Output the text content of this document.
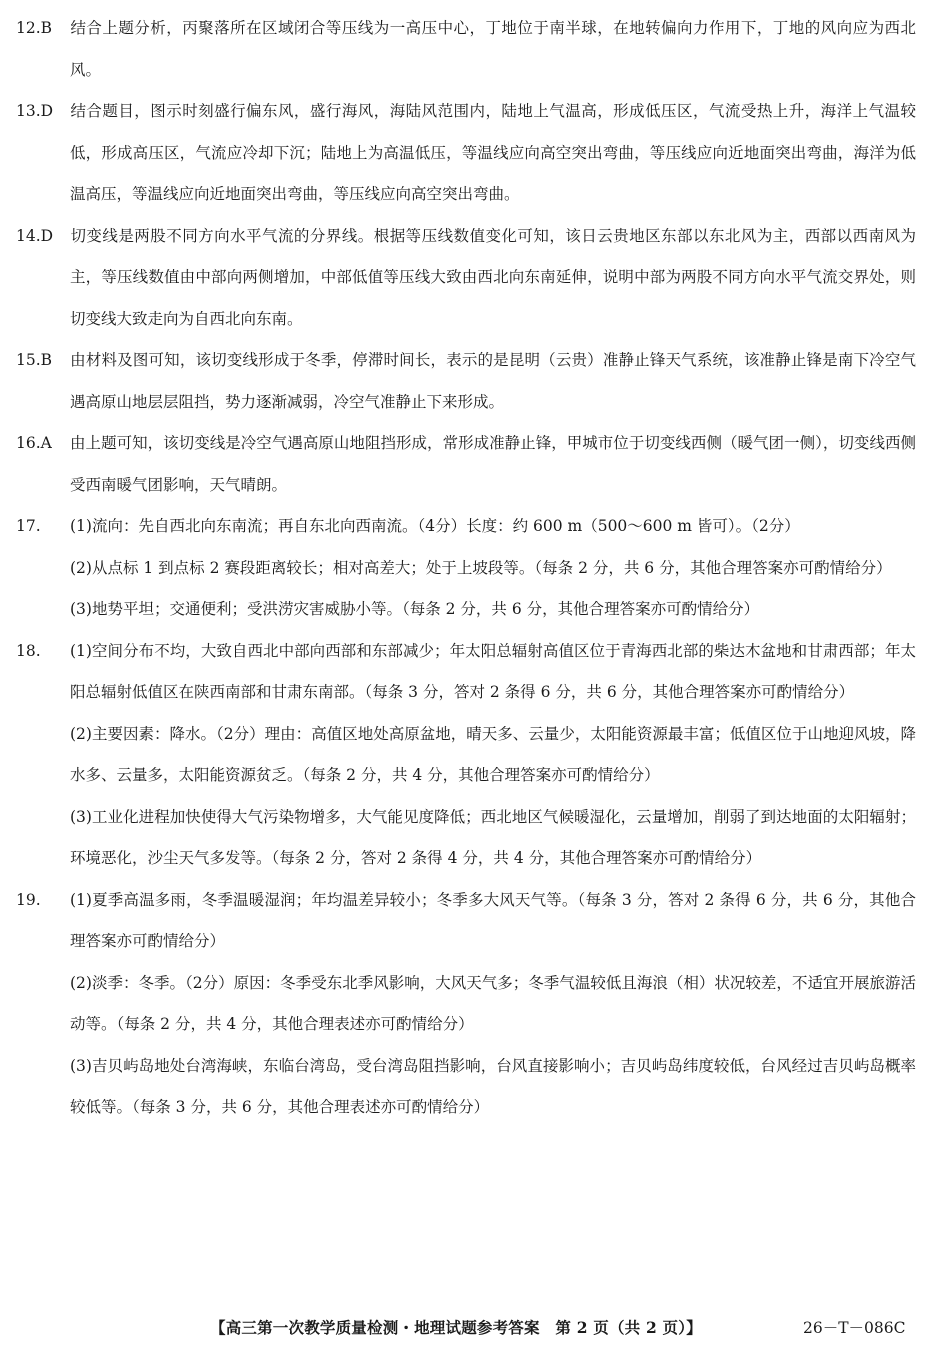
12.B 结合上题分析，丙聚落所在区域闭合等压线为一高压中心，丁地位于南半球，在地转偏向力作用下，丁地的风向应为西北风。
13.D 结合题目，图示时刻盛行偏东风，盛行海风，海陆风范围内，陆地上气温高，形成低压区，气流受热上升，海洋上气温较低，形成高压区，气流应冷却下沉；陆地上为高温低压，等温线应向高空突出弯曲，等压线应向近地面突出弯曲，海洋为低温高压，等温线应向近地面突出弯曲，等压线应向高空突出弯曲。
14.D 切变线是两股不同方向水平气流的分界线。根据等压线数值变化可知，该日云贵地区东部以东北风为主，西部以西南风为主，等压线数值由中部向两侧增加，中部低值等压线大致由西北向东南延伸，说明中部为两股不同方向水平气流交界处，则切变线大致走向为自西北向东南。
15.B 由材料及图可知，该切变线形成于冬季，停滞时间长，表示的是昆明（云贵）准静止锋天气系统，该准静止锋是南下冷空气遇高原山地层层阻挡，势力逐渐减弱，冷空气准静止下来形成。
16.A 由上题可知，该切变线是冷空气遇高原山地阻挡形成，常形成准静止锋，甲城市位于切变线西侧（暖气团一侧），切变线西侧受西南暖气团影响，天气晴朗。
17. (1)流向：先自西北向东南流；再自东北向西南流。（4分）长度：约 600 m（500～600 m 皆可）。（2分）
(2)从点标 1 到点标 2 赛段距离较长；相对高差大；处于上坡段等。（每条 2 分，共 6 分，其他合理答案亦可酌情给分）
(3)地势平坦；交通便利；受洪涝灾害威胁小等。（每条 2 分，共 6 分，其他合理答案亦可酌情给分）
18. (1)空间分布不均，大致自西北中部向西部和东部减少；年太阳总辐射高值区位于青海西北部的柴达木盆地和甘肃西部；年太阳总辐射低值区在陕西南部和甘肃东南部。（每条 3 分，答对 2 条得 6 分，共 6 分，其他合理答案亦可酌情给分）
(2)主要因素：降水。（2分）理由：高值区地处高原盆地，晴天多、云量少，太阳能资源最丰富；低值区位于山地迎风坡，降水多、云量多，太阳能资源贫乏。（每条 2 分，共 4 分，其他合理答案亦可酌情给分）
(3)工业化进程加快使得大气污染物增多，大气能见度降低；西北地区气候暖湿化，云量增加，削弱了到达地面的太阳辐射；环境恶化，沙尘天气多发等。（每条 2 分，答对 2 条得 4 分，共 4 分，其他合理答案亦可酌情给分）
19. (1)夏季高温多雨，冬季温暖湿润；年均温差异较小；冬季多大风天气等。（每条 3 分，答对 2 条得 6 分，共 6 分，其他合理答案亦可酌情给分）
(2)淡季：冬季。（2分）原因：冬季受东北季风影响，大风天气多；冬季气温较低且海浪（相）状况较差，不适宜开展旅游活动等。（每条 2 分，共 4 分，其他合理表述亦可酌情给分）
(3)吉贝屿岛地处台湾海峡，东临台湾岛，受台湾岛阻挡影响，台风直接影响小；吉贝屿岛纬度较低，台风经过吉贝屿岛概率较低等。（每条 3 分，共 6 分，其他合理表述亦可酌情给分）
【高三第一次教学质量检测・地理试题参考答案　第 2 页（共 2 页）】	26－T－086C
